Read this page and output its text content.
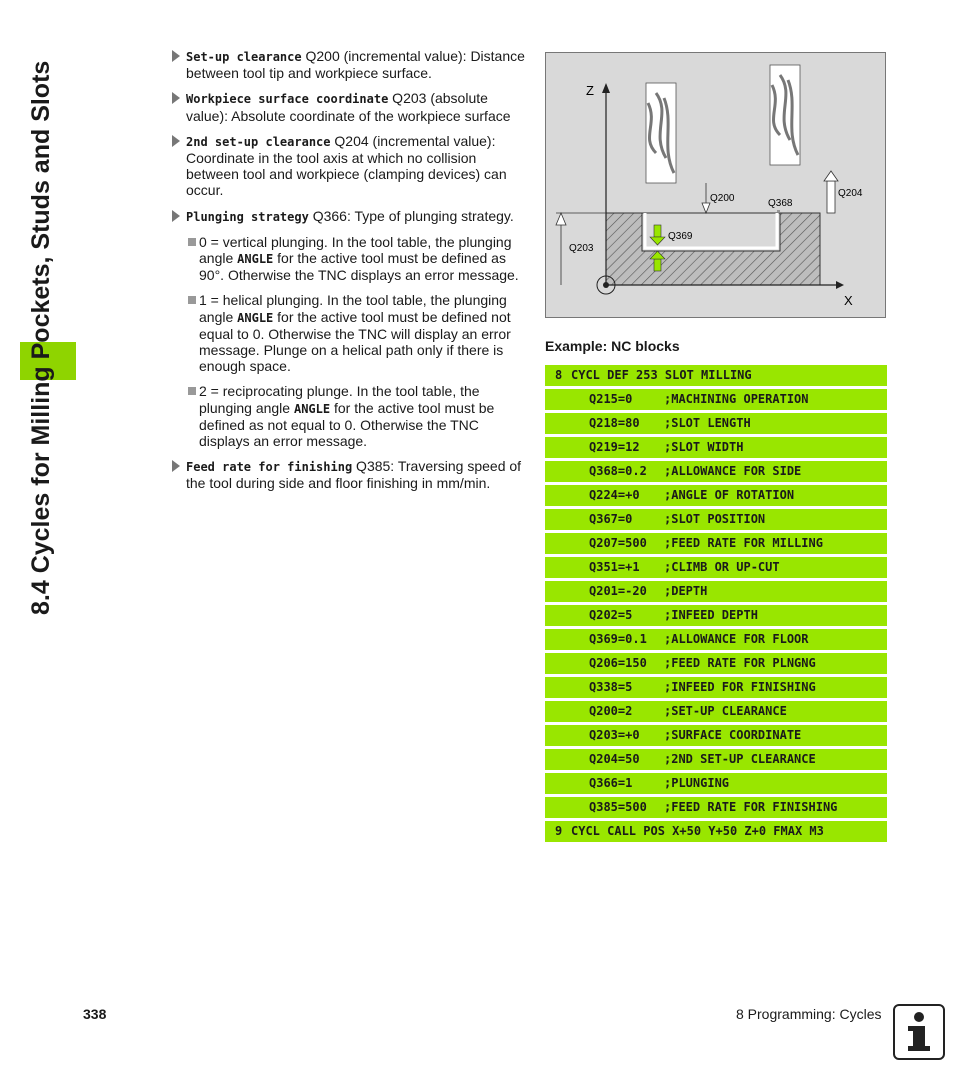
8.4 Cycles for Milling Pockets, Studs and Slots
Set-up clearance Q200 (incremental value): Distance between tool tip and workpiece surface.
Workpiece surface coordinate Q203 (absolute value): Absolute coordinate of the workpiece surface
2nd set-up clearance Q204 (incremental value): Coordinate in the tool axis at which no collision between tool and workpiece (clamping devices) can occur.
Plunging strategy Q366: Type of plunging strategy.
0 = vertical plunging. In the tool table, the plunging angle ANGLE for the active tool must be defined as 90°. Otherwise the TNC displays an error message.
1 = helical plunging. In the tool table, the plunging angle ANGLE for the active tool must be defined not equal to 0. Otherwise the TNC will display an error message. Plunge on a helical path only if there is enough space.
2 = reciprocating plunge. In the tool table, the plunging angle ANGLE for the active tool must be defined as not equal to 0. Otherwise the TNC displays an error message.
Feed rate for finishing Q385: Traversing speed of the tool during side and floor finishing in mm/min.
Z
X
Q203
Q200	Q368
Q204
Q369
Example: NC blocks
8 CYCL DEF 253 SLOT MILLING
Q215=0	;MACHINING OPERATION
Q218=80 ;SLOT LENGTH
Q219=12 ;SLOT WIDTH
Q368=0.2 ;ALLOWANCE FOR SIDE
Q224=+0 ;ANGLE OF ROTATION
Q367=0	;SLOT POSITION
Q207=500 ;FEED RATE FOR MILLING
Q351=+1 ;CLIMB OR UP-CUT
Q201=-20 ;DEPTH
Q202=5	;INFEED DEPTH
Q369=0.1 ;ALLOWANCE FOR FLOOR
Q206=150 ;FEED RATE FOR PLNGNG
Q338=5	;INFEED FOR FINISHING
Q200=2	;SET-UP CLEARANCE
Q203=+0 ;SURFACE COORDINATE
Q204=50 ;2ND SET-UP CLEARANCE
Q366=1	;PLUNGING
Q385=500 ;FEED RATE FOR FINISHING
9 CYCL CALL POS X+50 Y+50 Z+0 FMAX M3
338	8 Programming: Cycles
